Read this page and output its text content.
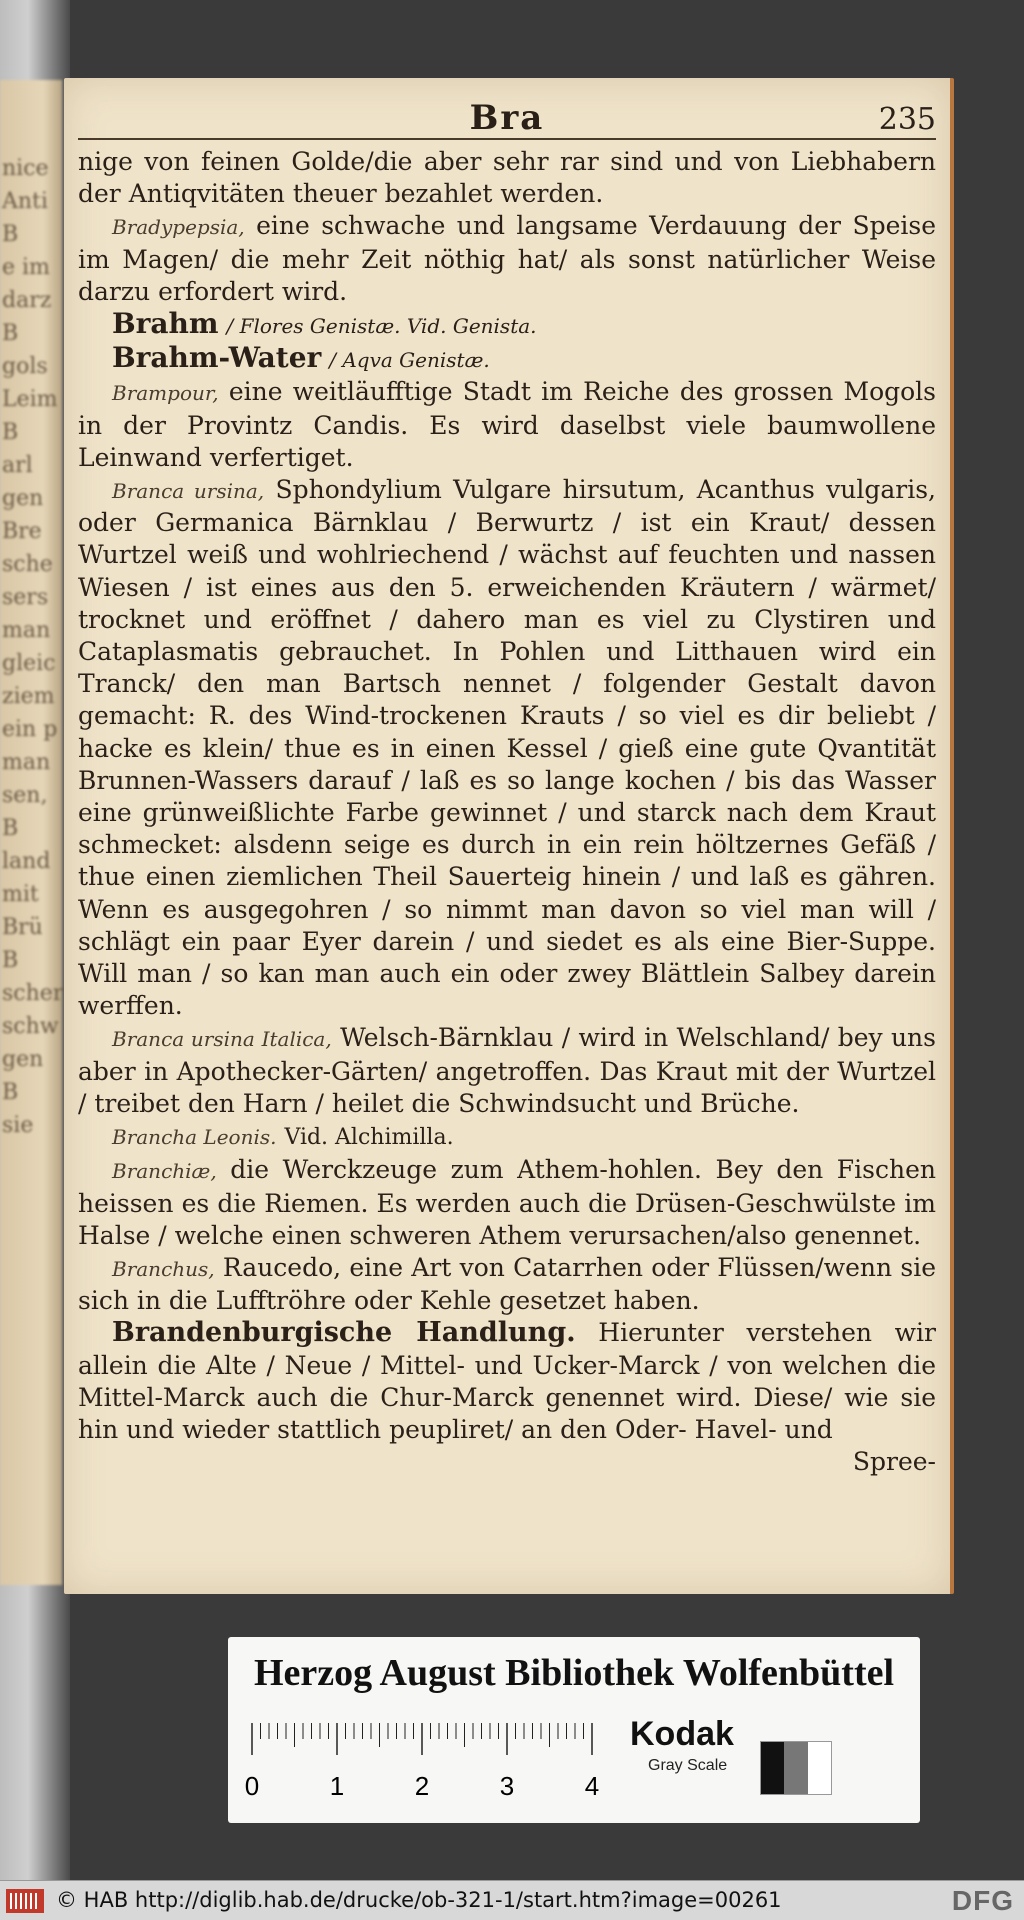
nice
Anti
B
e im
darz
B
gols
Leim
B
arl
gen
Bre
sche
sers
man
gleic
ziem
ein p
man
sen,
B
land
mit
Brü
B
scher
schw
gen
B
sie
Bra	235

nige von feinen Golde/die aber sehr rar sind und von Liebhabern der Antiqvitäten theuer bezahlet werden.

Bradypepsia, eine schwache und langsame Verdauung der Speise im Magen/ die mehr Zeit nöthig hat/ als sonst natürlicher Weise darzu erfordert wird.

Brahm / Flores Genistæ. Vid. Genista.

Brahm-Water / Aqva Genistæ.

Brampour, eine weitläufftige Stadt im Reiche des grossen Mogols in der Provintz Candis. Es wird daselbst viele baumwollene Leinwand verfertiget.

Branca ursina, Sphondylium Vulgare hirsutum, Acanthus vulgaris, oder Germanica Bärnklau / Berwurtz / ist ein Kraut/ dessen Wurtzel weiß und wohlriechend / wächst auf feuchten und nassen Wiesen / ist eines aus den 5. erweichenden Kräutern / wärmet/ trocknet und eröffnet / dahero man es viel zu Clystiren und Cataplasmatis gebrauchet. In Pohlen und Litthauen wird ein Tranck/ den man Bartsch nennet / folgender Gestalt davon gemacht: R. des Wind-trockenen Krauts / so viel es dir beliebt / hacke es klein/ thue es in einen Kessel / gieß eine gute Qvantität Brunnen-Wassers darauf / laß es so lange kochen / bis das Wasser eine grünweißlichte Farbe gewinnet / und starck nach dem Kraut schmecket: alsdenn seige es durch in ein rein höltzernes Gefäß / thue einen ziemlichen Theil Sauerteig hinein / und laß es gähren. Wenn es ausgegohren / so nimmt man davon so viel man will / schlägt ein paar Eyer darein / und siedet es als eine Bier-Suppe. Will man / so kan man auch ein oder zwey Blättlein Salbey darein werffen.

Branca ursina Italica, Welsch-Bärnklau / wird in Welschland/ bey uns aber in Apothecker-Gärten/ angetroffen. Das Kraut mit der Wurtzel / treibet den Harn / heilet die Schwindsucht und Brüche.

Brancha Leonis. Vid. Alchimilla.

Branchiæ, die Werckzeuge zum Athem-hohlen. Bey den Fischen heissen es die Riemen. Es werden auch die Drüsen-Geschwülste im Halse / welche einen schweren Athem verursachen/also genennet.

Branchus, Raucedo, eine Art von Catarrhen oder Flüssen/wenn sie sich in die Lufftröhre oder Kehle gesetzet haben.

Brandenburgische Handlung. Hierunter verstehen wir allein die Alte / Neue / Mittel- und Ucker-Marck / von welchen die Mittel-Marck auch die Chur-Marck genennet wird. Diese/ wie sie hin und wieder stattlich peupliret/ an den Oder- Havel- und

Spree-

Herzog August Bibliothek Wolfenbüttel
0	1	2	3	4
Kodak
Gray Scale
© HAB http://diglib.hab.de/drucke/ob-321-1/start.htm?image=00261	DFG
